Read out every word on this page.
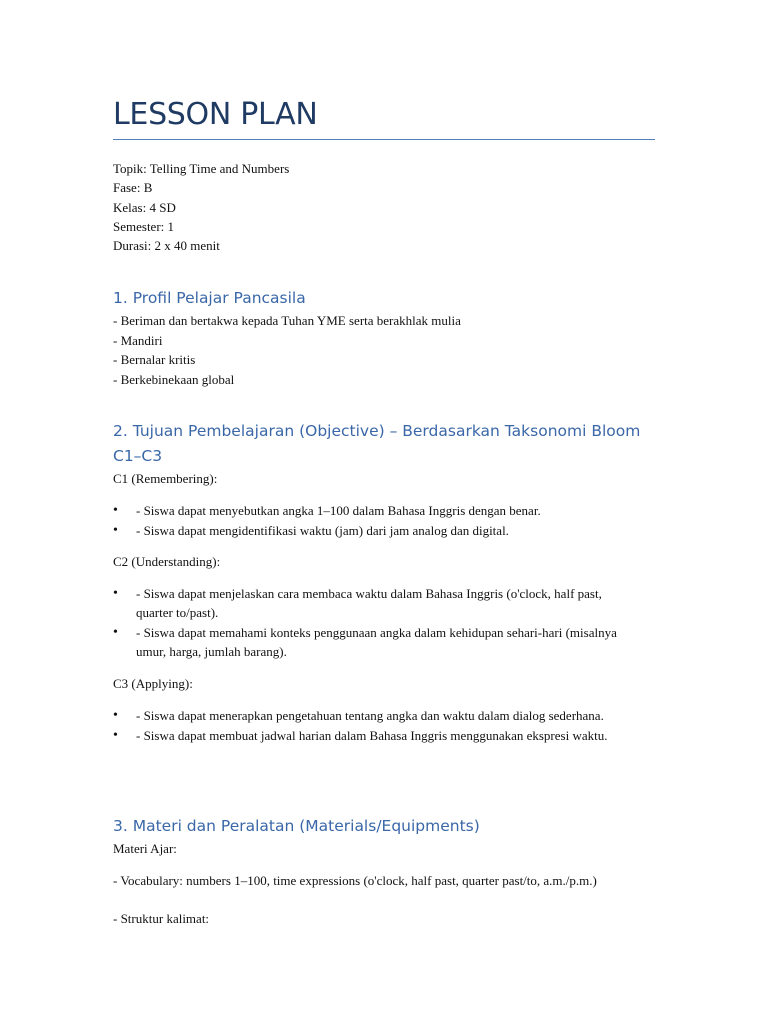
LESSON PLAN
Topik: Telling Time and Numbers
Fase: B
Kelas: 4 SD
Semester: 1
Durasi: 2 x 40 menit
1. Profil Pelajar Pancasila
- Beriman dan bertakwa kepada Tuhan YME serta berakhlak mulia
- Mandiri
- Bernalar kritis
- Berkebinekaan global
2. Tujuan Pembelajaran (Objective) – Berdasarkan Taksonomi Bloom C1–C3
C1 (Remembering):
• - Siswa dapat menyebutkan angka 1–100 dalam Bahasa Inggris dengan benar.
• - Siswa dapat mengidentifikasi waktu (jam) dari jam analog dan digital.
C2 (Understanding):
• - Siswa dapat menjelaskan cara membaca waktu dalam Bahasa Inggris (o'clock, half past, quarter to/past).
• - Siswa dapat memahami konteks penggunaan angka dalam kehidupan sehari-hari (misalnya umur, harga, jumlah barang).
C3 (Applying):
• - Siswa dapat menerapkan pengetahuan tentang angka dan waktu dalam dialog sederhana.
• - Siswa dapat membuat jadwal harian dalam Bahasa Inggris menggunakan ekspresi waktu.
3. Materi dan Peralatan (Materials/Equipments)
Materi Ajar:
- Vocabulary: numbers 1–100, time expressions (o'clock, half past, quarter past/to, a.m./p.m.)
- Struktur kalimat:
